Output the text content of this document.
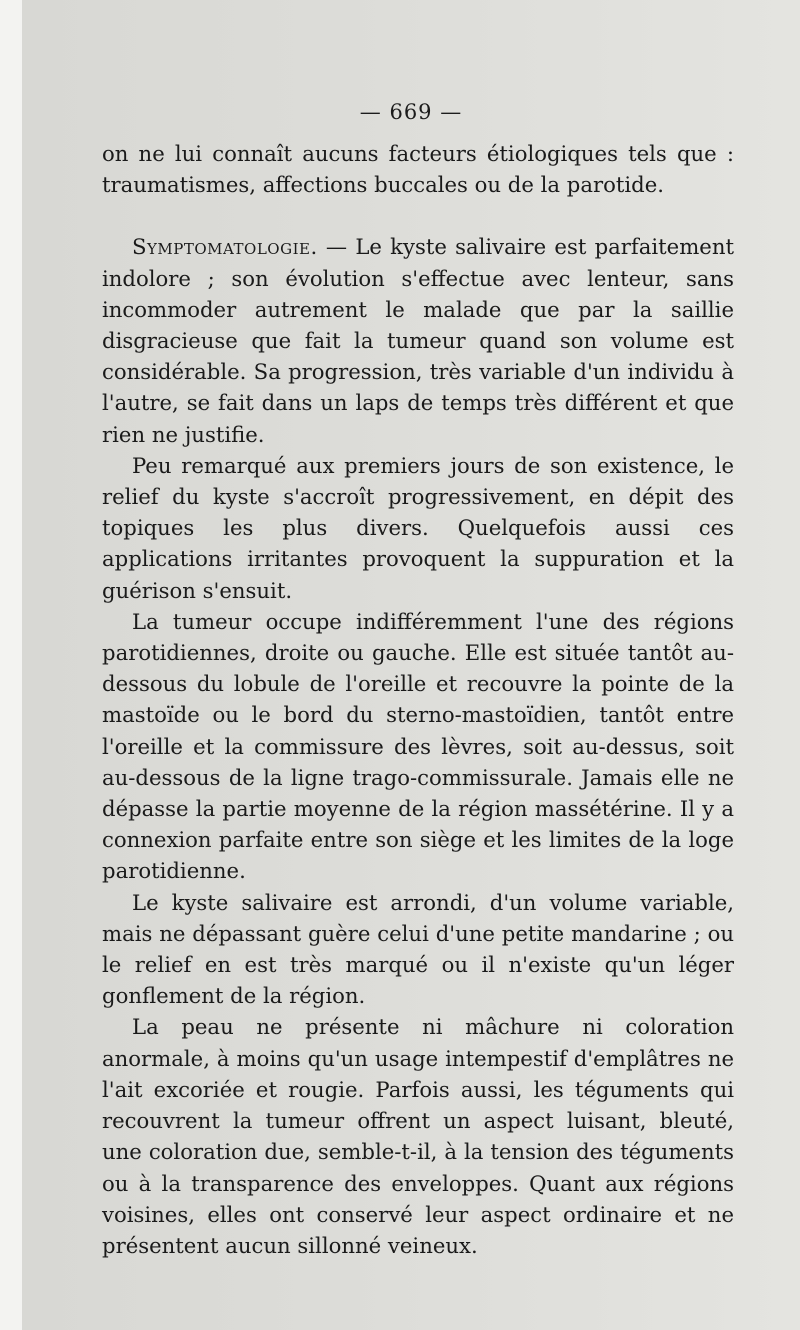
— 669 —

on ne lui connaît aucuns facteurs étiologiques tels que : traumatismes, affections buccales ou de la parotide.

Symptomatologie. — Le kyste salivaire est parfaitement indolore ; son évolution s'effectue avec lenteur, sans incommoder autrement le malade que par la saillie disgracieuse que fait la tumeur quand son volume est considérable. Sa progression, très variable d'un individu à l'autre, se fait dans un laps de temps très différent et que rien ne justifie.

Peu remarqué aux premiers jours de son existence, le relief du kyste s'accroît progressivement, en dépit des topiques les plus divers. Quelquefois aussi ces applications irritantes provoquent la suppuration et la guérison s'ensuit.

La tumeur occupe indifféremment l'une des régions parotidiennes, droite ou gauche. Elle est située tantôt au-dessous du lobule de l'oreille et recouvre la pointe de la mastoïde ou le bord du sterno-mastoïdien, tantôt entre l'oreille et la commissure des lèvres, soit au-dessus, soit au-dessous de la ligne trago-commissurale. Jamais elle ne dépasse la partie moyenne de la région massétérine. Il y a connexion parfaite entre son siège et les limites de la loge parotidienne.

Le kyste salivaire est arrondi, d'un volume variable, mais ne dépassant guère celui d'une petite mandarine ; ou le relief en est très marqué ou il n'existe qu'un léger gonflement de la région.

La peau ne présente ni mâchure ni coloration anormale, à moins qu'un usage intempestif d'emplâtres ne l'ait excoriée et rougie. Parfois aussi, les téguments qui recouvrent la tumeur offrent un aspect luisant, bleuté, une coloration due, semble-t-il, à la tension des téguments ou à la transparence des enveloppes. Quant aux régions voisines, elles ont conservé leur aspect ordinaire et ne présentent aucun sillonné veineux.
